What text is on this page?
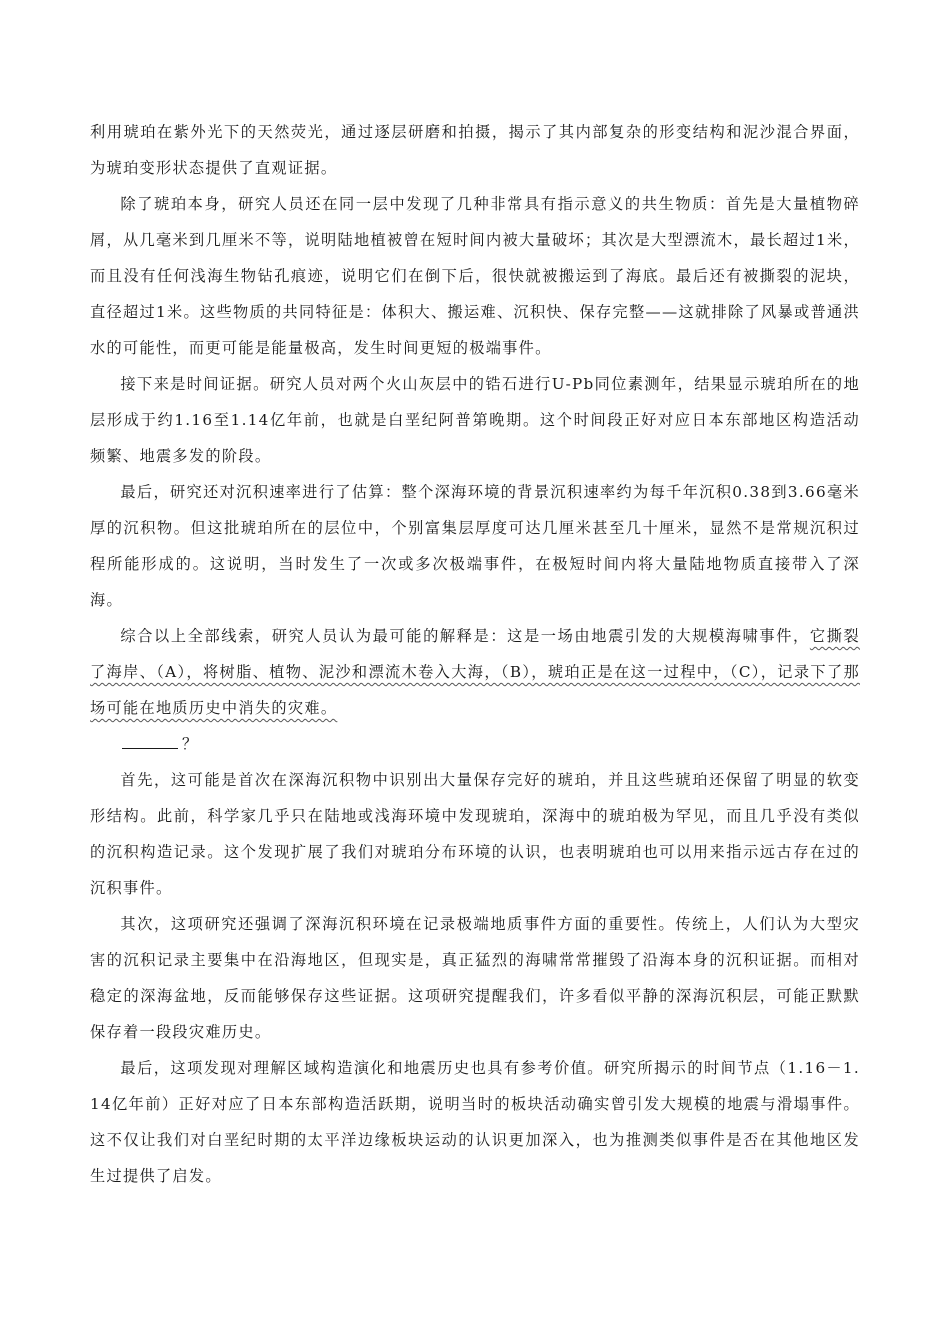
利用琥珀在紫外光下的天然荧光，通过逐层研磨和拍摄，揭示了其内部复杂的形变结构和泥沙混合界面，为琥珀变形状态提供了直观证据。

除了琥珀本身，研究人员还在同一层中发现了几种非常具有指示意义的共生物质：首先是大量植物碎屑，从几毫米到几厘米不等，说明陆地植被曾在短时间内被大量破坏；其次是大型漂流木，最长超过1米，而且没有任何浅海生物钻孔痕迹，说明它们在倒下后，很快就被搬运到了海底。最后还有被撕裂的泥块，直径超过1米。这些物质的共同特征是：体积大、搬运难、沉积快、保存完整——这就排除了风暴或普通洪水的可能性，而更可能是能量极高，发生时间更短的极端事件。

接下来是时间证据。研究人员对两个火山灰层中的锆石进行U-Pb同位素测年，结果显示琥珀所在的地层形成于约1.16至1.14亿年前，也就是白垩纪阿普第晚期。这个时间段正好对应日本东部地区构造活动频繁、地震多发的阶段。

最后，研究还对沉积速率进行了估算：整个深海环境的背景沉积速率约为每千年沉积0.38到3.66毫米厚的沉积物。但这批琥珀所在的层位中，个别富集层厚度可达几厘米甚至几十厘米，显然不是常规沉积过程所能形成的。这说明，当时发生了一次或多次极端事件，在极短时间内将大量陆地物质直接带入了深海。

综合以上全部线索，研究人员认为最可能的解释是：这是一场由地震引发的大规模海啸事件，它撕裂了海岸、（A），将树脂、植物、泥沙和漂流木卷入大海，（B），琥珀正是在这一过程中，（C），记录下了那场可能在地质历史中消失的灾难。

？

首先，这可能是首次在深海沉积物中识别出大量保存完好的琥珀，并且这些琥珀还保留了明显的软变形结构。此前，科学家几乎只在陆地或浅海环境中发现琥珀，深海中的琥珀极为罕见，而且几乎没有类似的沉积构造记录。这个发现扩展了我们对琥珀分布环境的认识，也表明琥珀也可以用来指示远古存在过的沉积事件。

其次，这项研究还强调了深海沉积环境在记录极端地质事件方面的重要性。传统上，人们认为大型灾害的沉积记录主要集中在沿海地区，但现实是，真正猛烈的海啸常常摧毁了沿海本身的沉积证据。而相对稳定的深海盆地，反而能够保存这些证据。这项研究提醒我们，许多看似平静的深海沉积层，可能正默默保存着一段段灾难历史。

最后，这项发现对理解区域构造演化和地震历史也具有参考价值。研究所揭示的时间节点（1.16－1.14亿年前）正好对应了日本东部构造活跃期，说明当时的板块活动确实曾引发大规模的地震与滑塌事件。这不仅让我们对白垩纪时期的太平洋边缘板块运动的认识更加深入，也为推测类似事件是否在其他地区发生过提供了启发。
